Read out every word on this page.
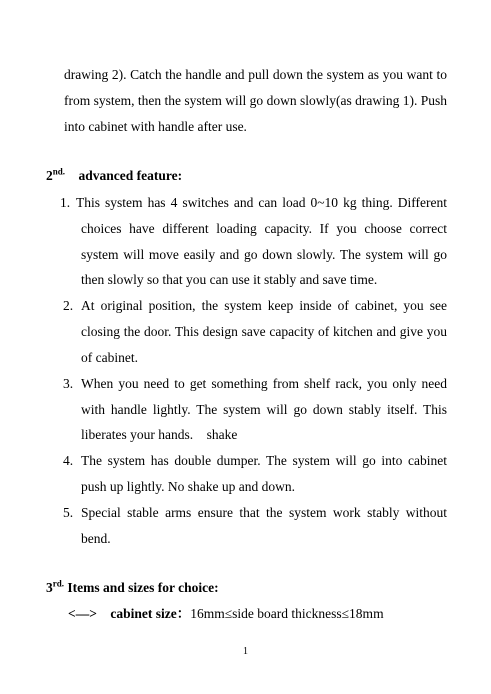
drawing 2). Catch the handle and pull down the system as you want to
from system, then the system will go down slowly(as drawing 1). Push
into cabinet with handle after use.
$2^{nd.}$ advanced feature:
1. This system has 4 switches and can load 0~10 kg thing. Different
choices have different loading capacity. If you choose correct
system will move easily and go down slowly. The system will go
then slowly so that you can use it stably and save time.
2. At original position, the system keep inside of cabinet, you see
closing the door. This design save capacity of kitchen and give you
of cabinet.
3. When you need to get something from shelf rack, you only need
with handle lightly. The system will go down stably itself. This
liberates your hands.    shake
4. The system has double dumper. The system will go into cabinet
push up lightly. No shake up and down.
5. Special stable arms ensure that the system work stably without
bend.
$3^{rd.}$ Items and sizes for choice:
<—> cabinet size：16mm≤side board thickness≤18mm
1
